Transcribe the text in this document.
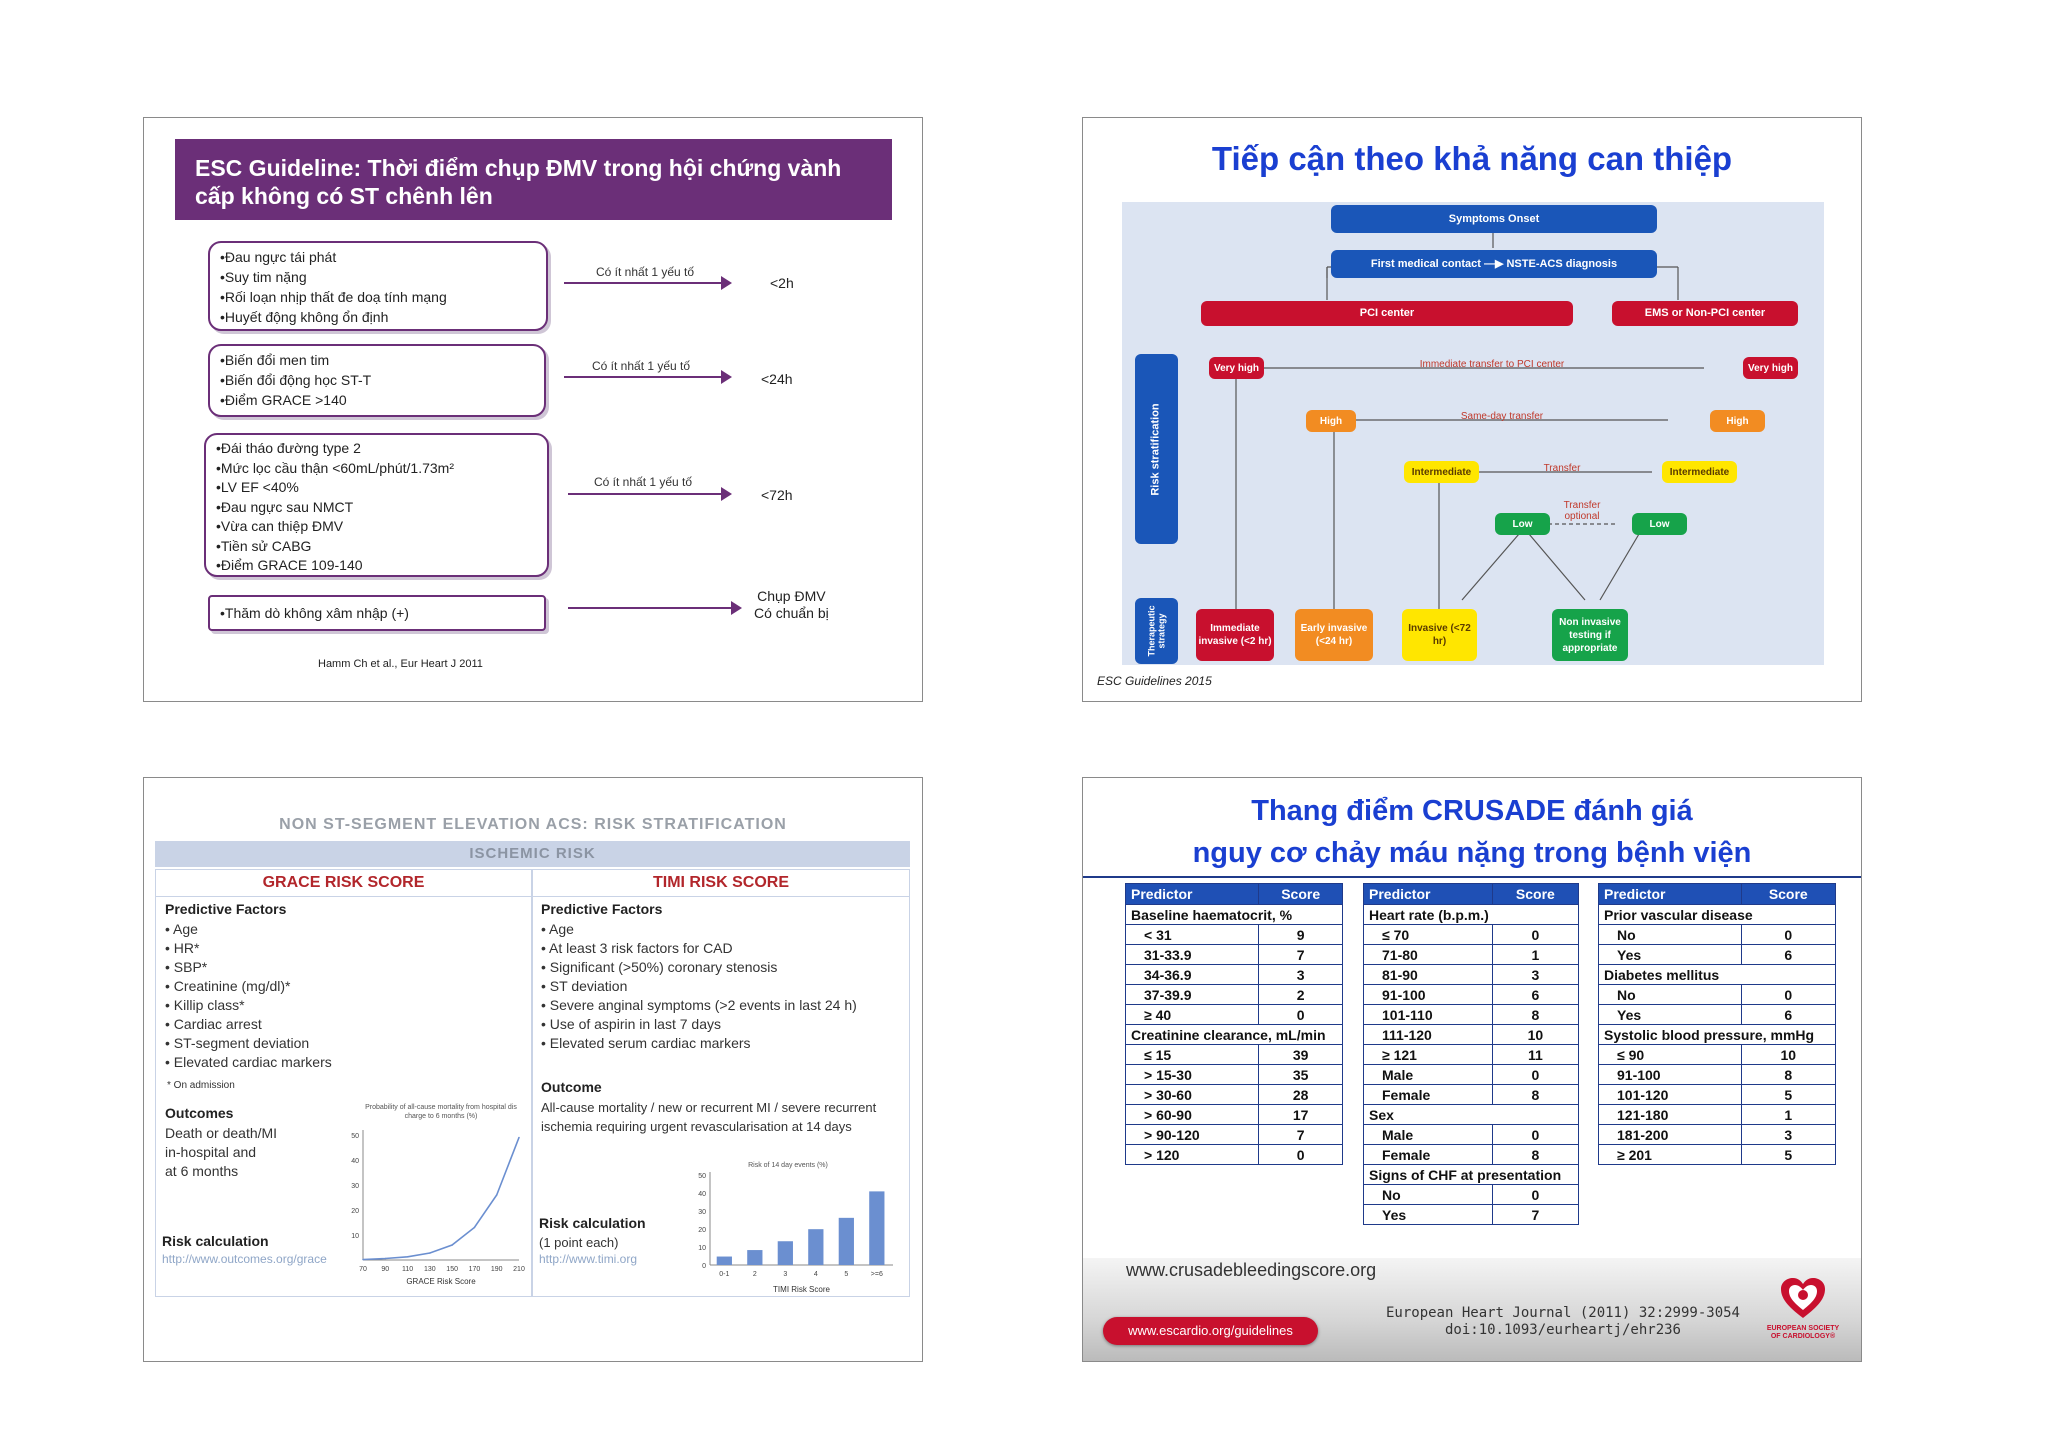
ESC Guideline: Thời điểm chụp ĐMV trong hội chứng vành cấp không có ST chênh lên
•Đau ngực tái phát
•Suy tim nặng
•Rối loạn nhịp thất đe doạ tính mạng
•Huyết động không ổn định
Có ít nhất 1 yếu tố
<2h
•Biến đổi men tim
•Biến đổi động học ST-T
•Điểm GRACE >140
Có ít nhất 1 yếu tố
<24h
•Đái tháo đường type 2
•Mức lọc cầu thận <60mL/phút/1.73m²
•LV EF <40%
•Đau ngực sau NMCT
•Vừa can thiệp ĐMV
•Tiền sử CABG
•Điểm GRACE 109-140
Có ít nhất 1 yếu tố
<72h
•Thăm dò không xâm nhập (+)
Chụp ĐMV
Có chuẩn bị
Hamm Ch et al., Eur Heart J 2011
Tiếp cận theo khả năng can thiệp
Symptoms Onset
First medical contact —▶ NSTE-ACS diagnosis
PCI center	EMS or Non-PCI center
Risk stratification
Therapeutic strategy
Very high	Very high
High	High
Intermediate	Intermediate
Low	Low
Immediate transfer to PCI center
Same-day transfer
Transfer
Transfer optional
Immediate invasive (<2 hr)
Early invasive (<24 hr)
Invasive (<72 hr)
Non invasive testing if appropriate
ESC Guidelines 2015
NON ST-SEGMENT ELEVATION ACS: RISK STRATIFICATION
ISCHEMIC RISK
GRACE RISK SCORE
Predictive Factors
• Age
• HR*
• SBP*
• Creatinine (mg/dl)*
• Killip class*
• Cardiac arrest
• ST-segment deviation
• Elevated cardiac markers
* On admission
Outcomes
Death or death/MI
in-hospital and
at 6 months
Risk calculation
http://www.outcomes.org/grace
Probability of all-cause mortality from hospital dis
charge to 6 months (%)
10
20
30
40
50
70 90 110 130 150 170 190 210
GRACE Risk Score
TIMI RISK SCORE
Predictive Factors
• Age
• At least 3 risk factors for CAD
• Significant (>50%) coronary stenosis
• ST deviation
• Severe anginal symptoms (>2 events in last 24 h)
• Use of aspirin in last 7 days
• Elevated serum cardiac markers
Outcome
All-cause mortality / new or recurrent MI / severe recurrent
ischemia requiring urgent revascularisation at 14 days
Risk calculation
(1 point each)
http://www.timi.org
Risk of 14 day events (%)
0
10
20
30
40
50
0-1	2	3	4	5	>=6
TIMI Risk Score
Thang điểm CRUSADE đánh giá
nguy cơ chảy máu nặng trong bệnh viện
Predictor	Score
Baseline haematocrit, %	
< 31	9
31-33.9	7
34-36.9	3
37-39.9	2
≥ 40	0
Creatinine clearance, mL/min	
≤ 15	39
> 15-30	35
> 30-60	28
> 60-90	17
> 90-120	7
> 120	0
Predictor	Score
Heart rate (b.p.m.)	
≤ 70	0
71-80	1
81-90	3
91-100	6
101-110	8
111-120	10
≥ 121	11
Male	0
Female	8
Sex	
Male	0
Female	8
Signs of CHF at presentation	
No	0
Yes	7
Predictor	Score
Prior vascular disease	
No	0
Yes	6
Diabetes mellitus	
No	0
Yes	6
Systolic blood pressure, mmHg	
≤ 90	10
91-100	8
101-120	5
121-180	1
181-200	3
≥ 201	5
www.crusadebleedingscore.org
www.escardio.org/guidelines
European Heart Journal (2011) 32:2999-3054
doi:10.1093/eurheartj/ehr236	EUROPEAN SOCIETY OF CARDIOLOGY®
